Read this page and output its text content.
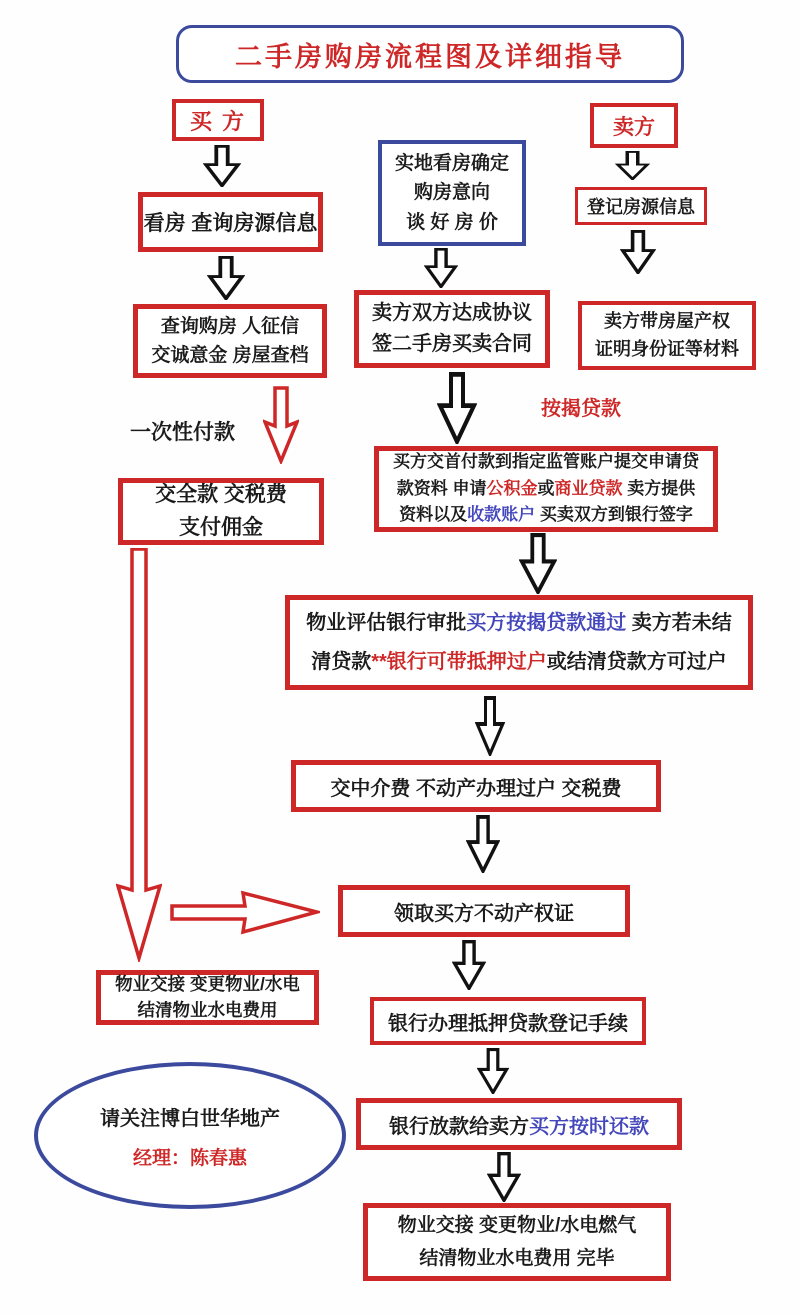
二手房购房流程图及详细指导
买 方
实地看房确定
购房意向
谈 好 房 价
卖方
登记房源信息
卖方带房屋产权
证明身份证等材料
看房 查询房源信息
查询购房 人征信
交诚意金 房屋查档
卖方双方达成协议
签二手房买卖合同
一次性付款
按揭贷款
交全款 交税费
支付佣金
买方交首付款到指定监管账户提交申请贷
款资料 申请公积金或商业贷款 卖方提供
资料以及收款账户 买卖双方到银行签字
物业评估银行审批买方按揭贷款通过 卖方若未结
清贷款**银行可带抵押过户或结清贷款方可过户
交中介费 不动产办理过户 交税费
领取买方不动产权证
银行办理抵押贷款登记手续
银行放款给卖方 买方按时还款
物业交接 变更物业/水电燃气
结清物业水电费用 完毕
物业交接 变更物业/水电
结清物业水电费用
请关注博白世华地产
经理：陈春惠
